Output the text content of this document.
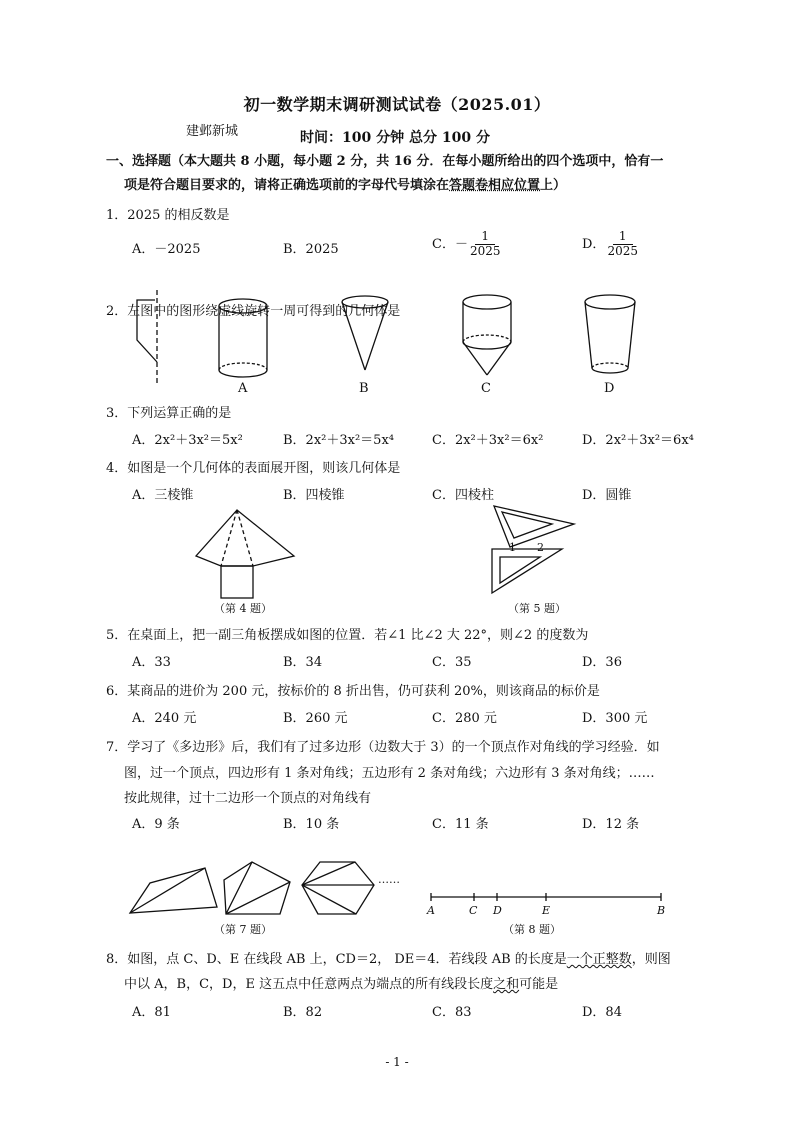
初一数学期末调研测试试卷（2025.01）
建邺新城	时间：100 分钟 总分 100 分
一、选择题（本大题共 8 小题，每小题 2 分，共 16 分．在每小题所给出的四个选项中，恰有一
项是符合题目要求的，请将正确选项前的字母代号填涂在答题卷相应位置上）
1．2025 的相反数是
A．－2025	B．2025	C．－ $\frac{1}{2025}$	D． $\frac{1}{2025}$
2．左图中的图形绕虚线旋转一周可得到的几何体是
A	B	C	D
3．下列运算正确的是
A．2x²＋3x²＝5x²	B．2x²＋3x²＝5x⁴	C．2x²＋3x²＝6x²	D．2x²＋3x²＝6x⁴
4．如图是一个几何体的表面展开图，则该几何体是
A．三棱锥	B．四棱锥	C．四棱柱	D．圆锥
（第 4 题）
1 2
（第 5 题）
5．在桌面上，把一副三角板摆成如图的位置．若∠1 比∠2 大 22°，则∠2 的度数为
A．33	B．34	C．35	D．36
6．某商品的进价为 200 元，按标价的 8 折出售，仍可获利 20%，则该商品的标价是
A．240 元	B．260 元	C．280 元	D．300 元
7．学习了《多边形》后，我们有了过多边形（边数大于 3）的一个顶点作对角线的学习经验．如
图，过一个顶点，四边形有 1 条对角线；五边形有 2 条对角线；六边形有 3 条对角线；……
按此规律，过十二边形一个顶点的对角线有
A．9 条	B．10 条	C．11 条	D．12 条
……
（第 7 题）
A	C D	E	B
（第 8 题）
8．如图，点 C、D、E 在线段 AB 上，CD＝2， DE＝4．若线段 AB 的长度是一个正整数，则图
中以 A，B，C，D，E 这五点中任意两点为端点的所有线段长度之和可能是
A．81	B．82	C．83	D．84
- 1 -
